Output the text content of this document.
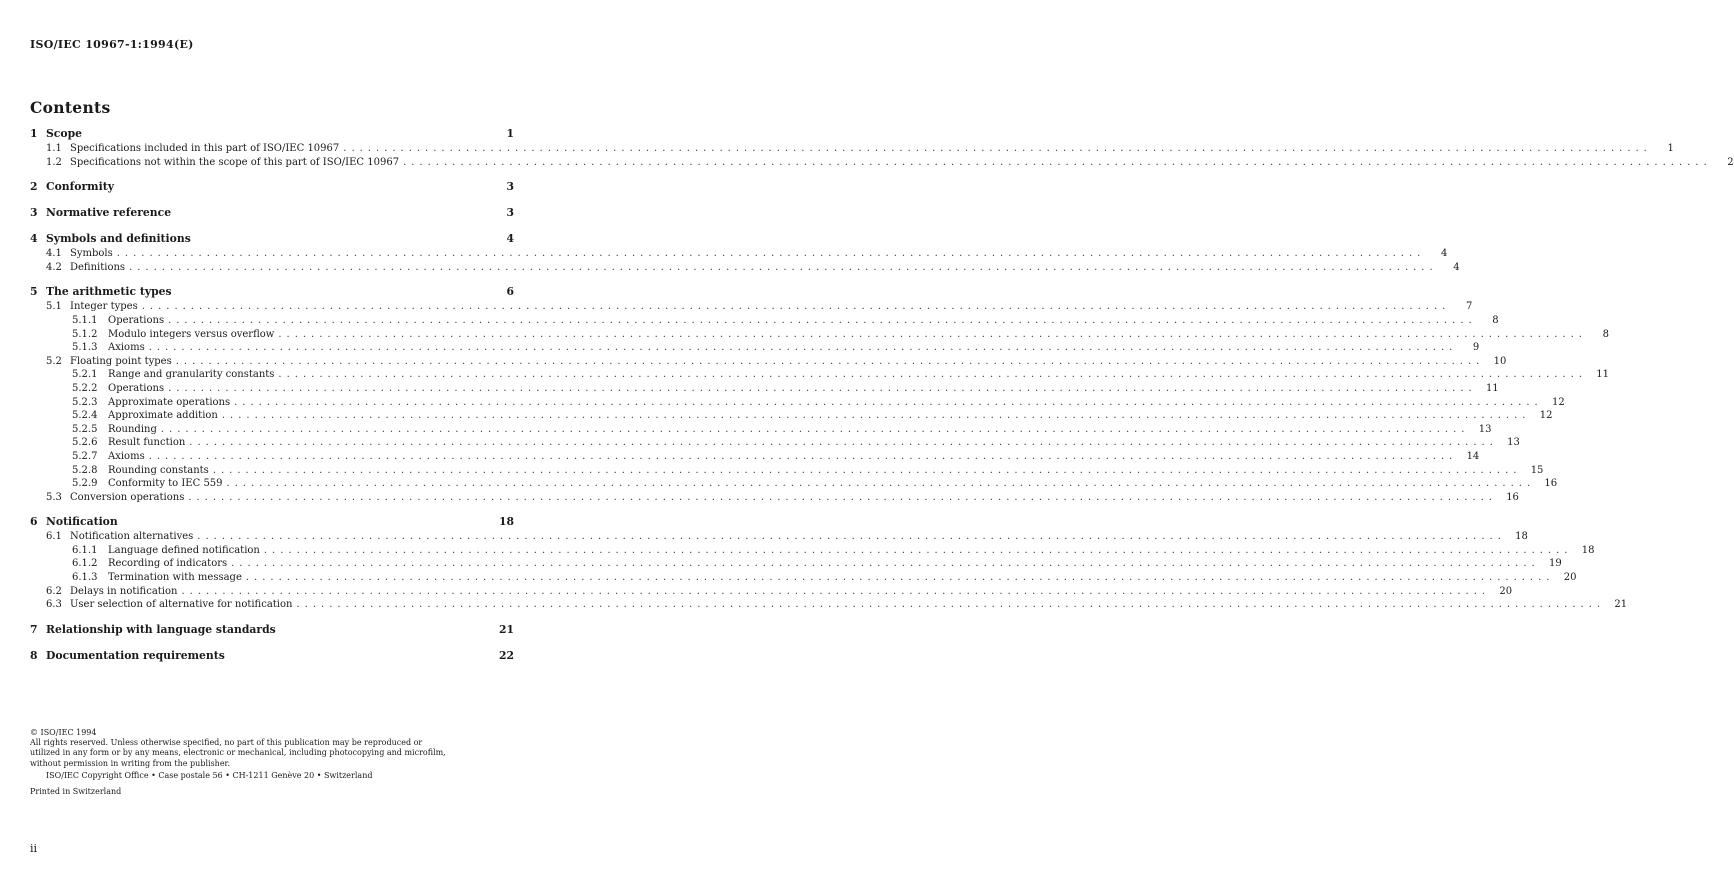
ISO/IEC 10967-1:1994(E)
Contents
1 Scope	1
1.1 Specifications included in this part of ISO/IEC 10967 ................................................................................................................................................................	1
1.2 Specifications not within the scope of this part of ISO/IEC 10967 ................................................................................................................................................................	2
2 Conformity	3
3 Normative reference	3
4 Symbols and definitions	4
4.1 Symbols ................................................................................................................................................................	4
4.2 Definitions ................................................................................................................................................................	4
5 The arithmetic types	6
5.1 Integer types ................................................................................................................................................................	7
5.1.1	Operations ................................................................................................................................................................	8
5.1.2	Modulo integers versus overflow ................................................................................................................................................................	8
5.1.3	Axioms ................................................................................................................................................................	9
5.2 Floating point types ................................................................................................................................................................ 10
5.2.1	Range and granularity constants ................................................................................................................................................................ 11
5.2.2	Operations ................................................................................................................................................................ 11
5.2.3	Approximate operations ................................................................................................................................................................ 12
5.2.4	Approximate addition ................................................................................................................................................................ 12
5.2.5	Rounding ................................................................................................................................................................ 13
5.2.6	Result function ................................................................................................................................................................ 13
5.2.7	Axioms ................................................................................................................................................................ 14
5.2.8	Rounding constants ................................................................................................................................................................ 15
5.2.9	Conformity to IEC 559 ................................................................................................................................................................ 16
5.3 Conversion operations ................................................................................................................................................................ 16
6 Notification	18
6.1 Notification alternatives ................................................................................................................................................................ 18
6.1.1	Language defined notification ................................................................................................................................................................ 18
6.1.2	Recording of indicators ................................................................................................................................................................ 19
6.1.3	Termination with message ................................................................................................................................................................ 20
6.2 Delays in notification ................................................................................................................................................................ 20
6.3 User selection of alternative for notification ................................................................................................................................................................ 21
7 Relationship with language standards	21
8 Documentation requirements	22

© ISO/IEC 1994

All rights reserved. Unless otherwise specified, no part of this publication may be reproduced or utilized in any form or by any means, electronic or mechanical, including photocopying and microfilm, without permission in writing from the publisher.

ISO/IEC Copyright Office • Case postale 56 • CH-1211 Genève 20 • Switzerland

Printed in Switzerland

ii
